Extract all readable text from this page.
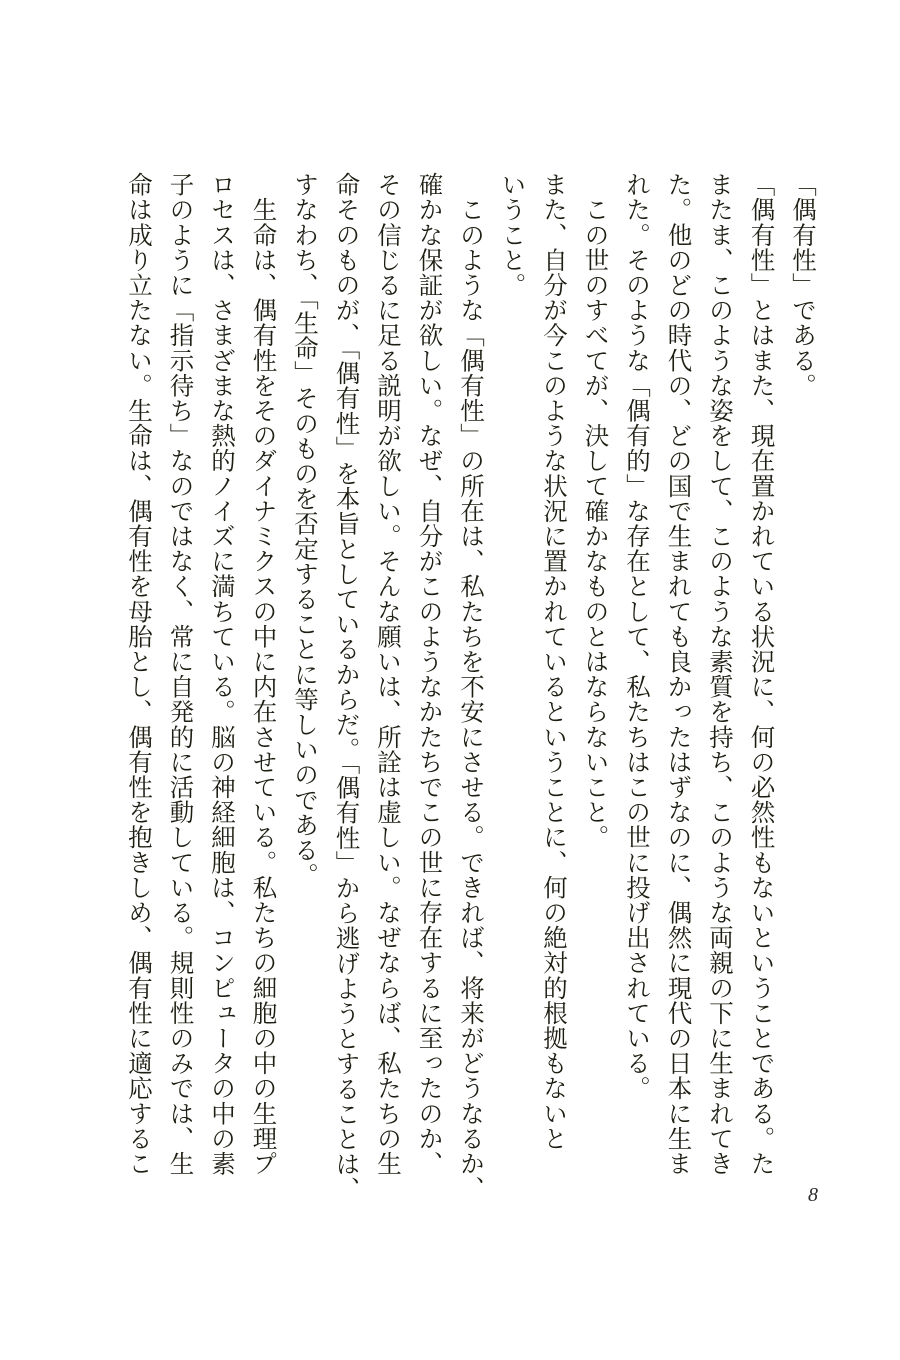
「偶有性」である。
「偶有性」とはまた、現在置かれている状況に、何の必然性もないということである。た
またま、このような姿をして、このような素質を持ち、このような両親の下に生まれてき
た。他のどの時代の、どの国で生まれても良かったはずなのに、偶然に現代の日本に生ま
れた。そのような「偶有的」な存在として、私たちはこの世に投げ出されている。
　この世のすべてが、決して確かなものとはならないこと。
また、自分が今このような状況に置かれているということに、何の絶対的根拠もないと
いうこと。
　このような「偶有性」の所在は、私たちを不安にさせる。できれば、将来がどうなるか、
確かな保証が欲しい。なぜ、自分がこのようなかたちでこの世に存在するに至ったのか、
その信じるに足る説明が欲しい。そんな願いは、所詮は虚しい。なぜならば、私たちの生
命そのものが、「偶有性」を本旨としているからだ。「偶有性」から逃げようとすることは、
すなわち、「生命」そのものを否定することに等しいのである。
　生命は、偶有性をそのダイナミクスの中に内在させている。私たちの細胞の中の生理プ
ロセスは、さまざまな熱的ノイズに満ちている。脳の神経細胞は、コンピュータの中の素
子のように「指示待ち」なのではなく、常に自発的に活動している。規則性のみでは、生
命は成り立たない。生命は、偶有性を母胎とし、偶有性を抱きしめ、偶有性に適応するこ
8
